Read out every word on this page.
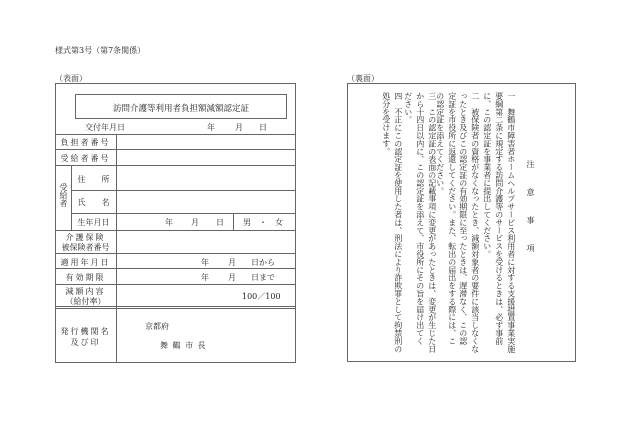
様式第3号（第7条関係）
（表面）
訪問介護等利用者負担額減額認定証
交付年月日	年	月 日
負担者番号
受給者番号
受給者
住　　所
氏　　名
生年月日	年 月 日 男　・　女
介護保険
被保険者番号
適用年月日	年 月 日から
有効期限	年 月 日まで
減額内容
（給付率）
100／100
発行機関名
及び印
京都府
舞 鶴 市 長
（裏面）
注　意　事　項
一　舞鶴市障害者ホームヘルプサービス利用者に対する支援措置事業実施
要綱第二条に規定する訪問介護等のサービスを受けるときは、必ず事前
に、この認定証を事業者に提出してください。
二　被保険者の資格がなくなったとき、減額対象者の要件に該当しなくな
ったとき及びこの認定証の有効期限に至ったときは、遅滞なく、この認
定証を市役所に返還してください。また、転出の届出をする際には、こ
の認定証を添えてください。
三　この認定証の表面の記載事項に変更があったときは、変更が生じた日
から十四日以内に、この認定証を添えて、市役所にその旨を届け出てく
ださい。
四　不正にこの認定証を使用した者は、刑法により詐欺罪として拘禁刑の
処分を受けます。
